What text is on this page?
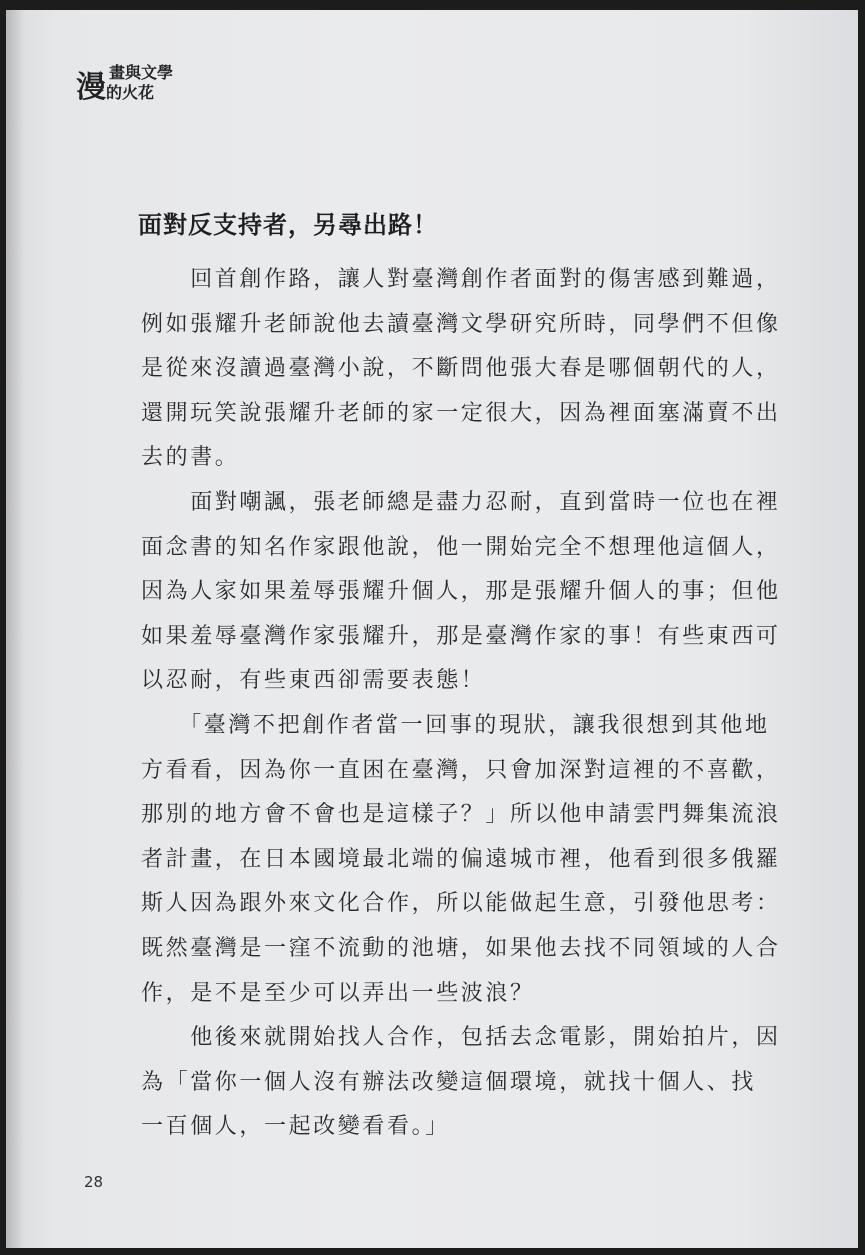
漫 畫與文學
的火花
面對反支持者，另尋出路！
　　回首創作路，讓人對臺灣創作者面對的傷害感到難過，
例如張耀升老師說他去讀臺灣文學研究所時，同學們不但像
是從來沒讀過臺灣小說，不斷問他張大春是哪個朝代的人，
還開玩笑說張耀升老師的家一定很大，因為裡面塞滿賣不出
去的書。
　　面對嘲諷，張老師總是盡力忍耐，直到當時一位也在裡
面念書的知名作家跟他說，他一開始完全不想理他這個人，
因為人家如果羞辱張耀升個人，那是張耀升個人的事；但他
如果羞辱臺灣作家張耀升，那是臺灣作家的事！有些東西可
以忍耐，有些東西卻需要表態！
　　「臺灣不把創作者當一回事的現狀，讓我很想到其他地
方看看，因為你一直困在臺灣，只會加深對這裡的不喜歡，
那別的地方會不會也是這樣子？」所以他申請雲門舞集流浪
者計畫，在日本國境最北端的偏遠城市裡，他看到很多俄羅
斯人因為跟外來文化合作，所以能做起生意，引發他思考：
既然臺灣是一窪不流動的池塘，如果他去找不同領域的人合
作，是不是至少可以弄出一些波浪？
　　他後來就開始找人合作，包括去念電影，開始拍片，因
為「當你一個人沒有辦法改變這個環境，就找十個人、找
一百個人，一起改變看看。」
28
